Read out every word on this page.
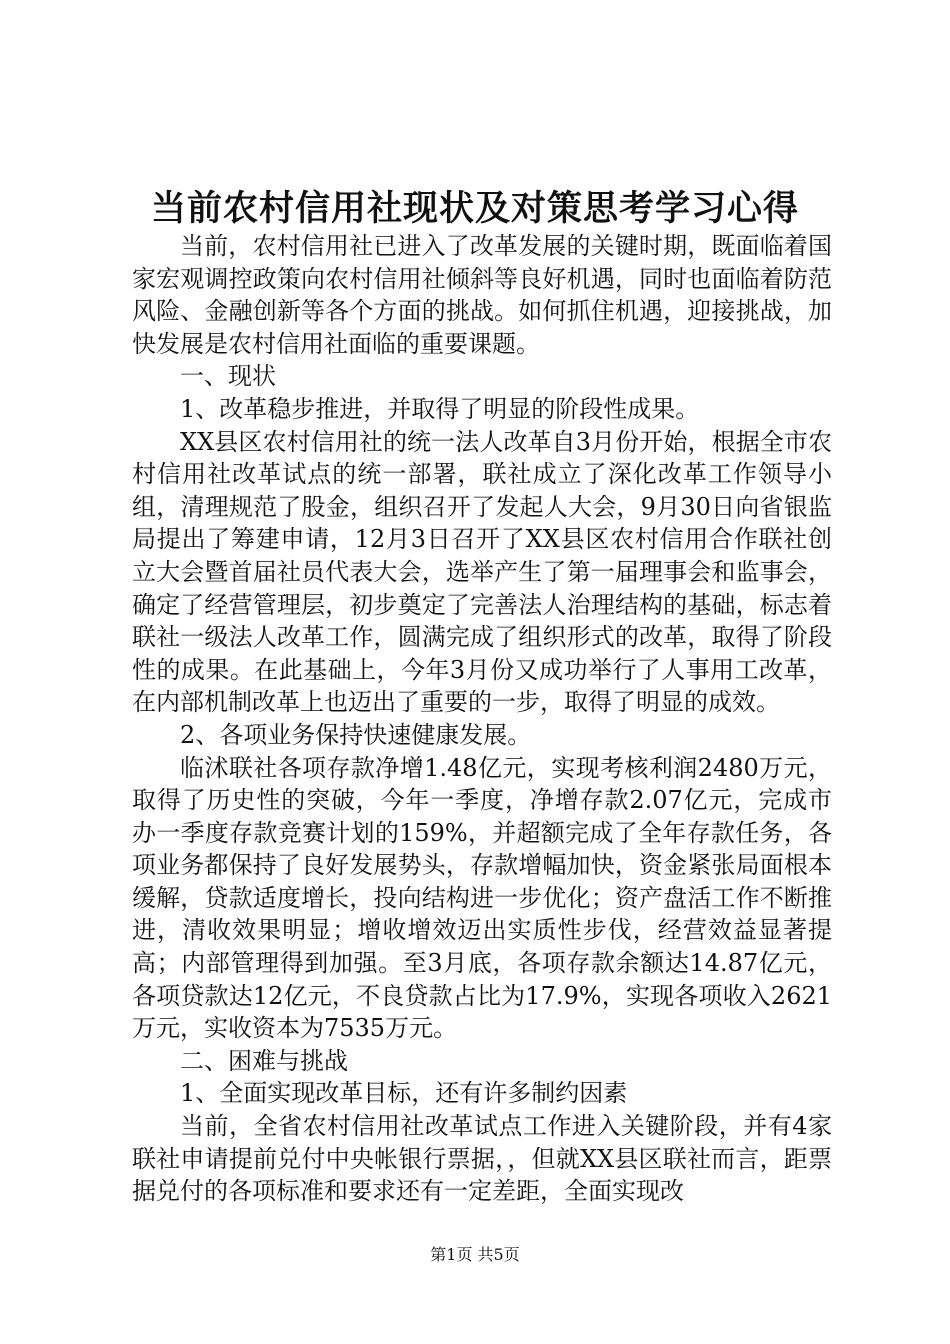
当前农村信用社现状及对策思考学习心得

当前，农村信用社已进入了改革发展的关键时期，既面临着国家宏观调控政策向农村信用社倾斜等良好机遇，同时也面临着防范风险、金融创新等各个方面的挑战。如何抓住机遇，迎接挑战，加快发展是农村信用社面临的重要课题。

一、现状

1、改革稳步推进，并取得了明显的阶段性成果。

XX县区农村信用社的统一法人改革自3月份开始，根据全市农村信用社改革试点的统一部署，联社成立了深化改革工作领导小组，清理规范了股金，组织召开了发起人大会，9月30日向省银监局提出了筹建申请，12月3日召开了XX县区农村信用合作联社创立大会暨首届社员代表大会，选举产生了第一届理事会和监事会，确定了经营管理层，初步奠定了完善法人治理结构的基础，标志着联社一级法人改革工作，圆满完成了组织形式的改革，取得了阶段性的成果。在此基础上，今年3月份又成功举行了人事用工改革，在内部机制改革上也迈出了重要的一步，取得了明显的成效。

2、各项业务保持快速健康发展。

临沭联社各项存款净增1.48亿元，实现考核利润2480万元，取得了历史性的突破，今年一季度，净增存款2.07亿元，完成市办一季度存款竞赛计划的159%，并超额完成了全年存款任务，各项业务都保持了良好发展势头，存款增幅加快，资金紧张局面根本缓解，贷款适度增长，投向结构进一步优化；资产盘活工作不断推进，清收效果明显；增收增效迈出实质性步伐，经营效益显著提高；内部管理得到加强。至3月底，各项存款余额达14.87亿元，各项贷款达12亿元，不良贷款占比为17.9%，实现各项收入2621万元，实收资本为7535万元。

二、困难与挑战

1、全面实现改革目标，还有许多制约因素

当前，全省农村信用社改革试点工作进入关键阶段，并有4家联社申请提前兑付中央帐银行票据，，但就XX县区联社而言，距票据兑付的各项标准和要求还有一定差距，全面实现改

第1页 共5页
